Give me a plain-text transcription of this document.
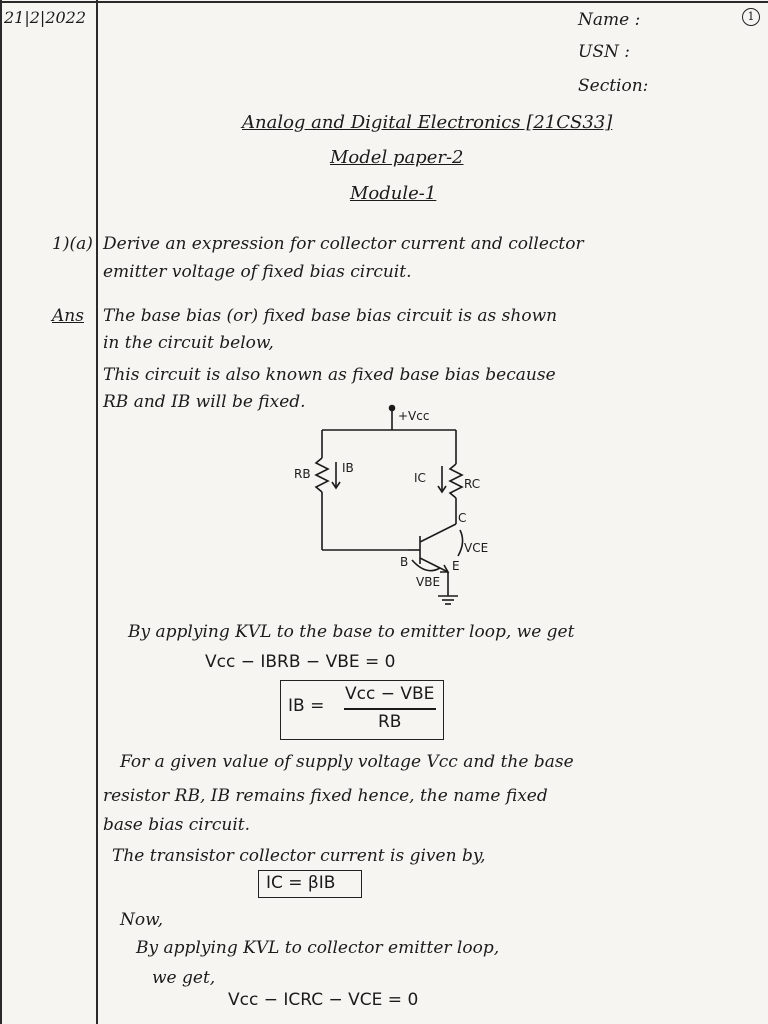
21|2|2022	1
Name :
USN :
Section:
Analog and Digital Electronics [21CS33]
Model paper-2
Module-1
1)(a) Derive an expression for collector current and collector
emitter voltage of fixed bias circuit.
Ans The base bias (or) fixed base bias circuit is as shown
in the circuit below,
This circuit is also known as fixed base bias because
RB and IB will be fixed.
+Vcc
RB	IB
IC	RC
C
VCE
B	E
VBE
By applying KVL to the base to emitter loop, we get
Vcc − IBRB − VBE = 0
IB =
Vcc − VBE
RB
For a given value of supply voltage Vcc and the base
resistor RB, IB remains fixed hence, the name fixed
base bias circuit.
The transistor collector current is given by,
IC = βIB
Now,
By applying KVL to collector emitter loop,
we get,
Vcc − ICRC − VCE = 0
